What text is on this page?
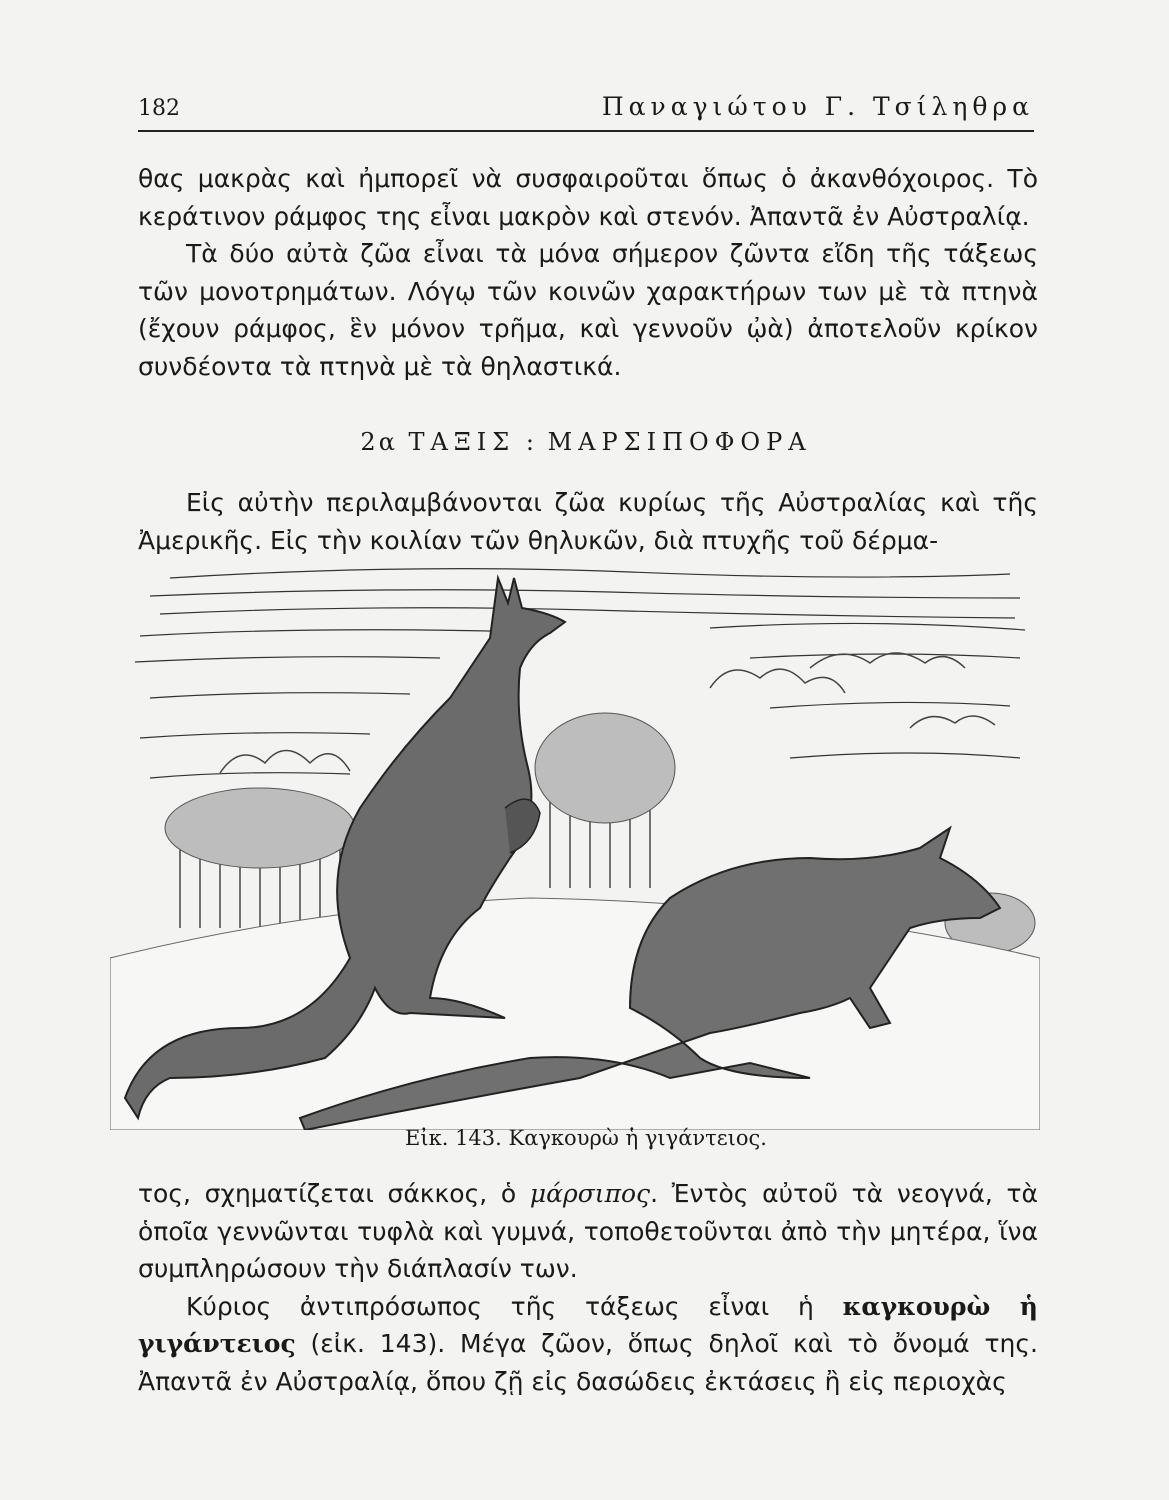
182	Παναγιώτου Γ. Τσίληθρα

θας μακρὰς καὶ ἠμπορεῖ νὰ συσφαιροῦται ὅπως ὁ ἀκανθόχοιρος. Τὸ κεράτινον ράμφος της εἶναι μακρὸν καὶ στενόν. Ἀπαντᾶ ἐν Αὐστραλίᾳ.

Τὰ δύο αὐτὰ ζῶα εἶναι τὰ μόνα σήμερον ζῶντα εἴδη τῆς τάξεως τῶν μονοτρημάτων. Λόγῳ τῶν κοινῶν χαρακτήρων των μὲ τὰ πτηνὰ (ἔχουν ράμφος, ἓν μόνον τρῆμα, καὶ γεννοῦν ᾠὰ) ἀποτελοῦν κρίκον συνδέοντα τὰ πτηνὰ μὲ τὰ θηλαστικά.

2α ΤΑΞΙΣ : ΜΑΡΣΙΠΟΦΟΡΑ

Εἰς αὐτὴν περιλαμβάνονται ζῶα κυρίως τῆς Αὐστραλίας καὶ τῆς Ἀμερικῆς. Εἰς τὴν κοιλίαν τῶν θηλυκῶν, διὰ πτυχῆς τοῦ δέρμα-

Εἰκ. 143. Καγκουρὼ ἡ γιγάντειος.

τος, σχηματίζεται σάκκος, ὁ μάρσιπος. Ἐντὸς αὐτοῦ τὰ νεογνά, τὰ ὁποῖα γεννῶνται τυφλὰ καὶ γυμνά, τοποθετοῦνται ἀπὸ τὴν μητέρα, ἵνα συμπληρώσουν τὴν διάπλασίν των.

Κύριος ἀντιπρόσωπος τῆς τάξεως εἶναι ἡ καγκουρὼ ἡ γιγάντειος (εἰκ. 143). Μέγα ζῶον, ὅπως δηλοῖ καὶ τὸ ὄνομά της. Ἀπαντᾶ ἐν Αὐστραλίᾳ, ὅπου ζῇ εἰς δασώδεις ἐκτάσεις ἢ εἰς περιοχὰς
